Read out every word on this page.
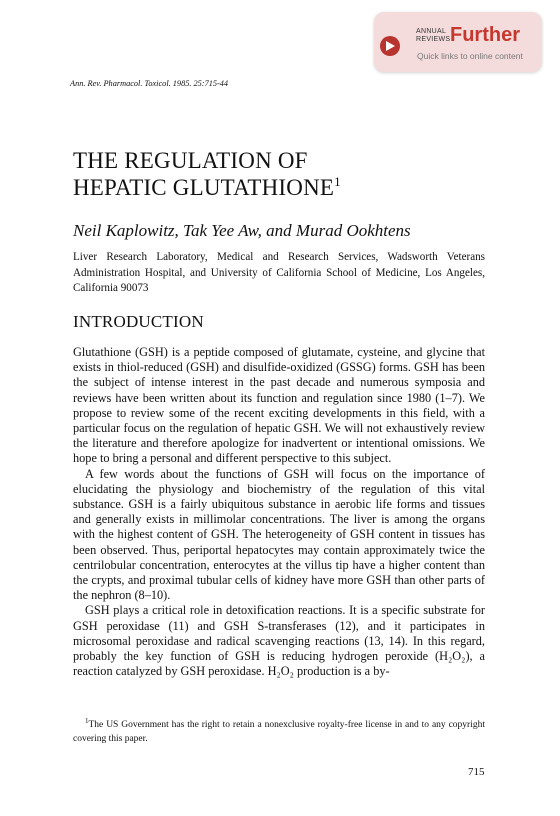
ANNUAL
REVIEWS Further
Quick links to online content
Ann. Rev. Pharmacol. Toxicol. 1985. 25:715-44
THE REGULATION OF
HEPATIC GLUTATHIONE$^1$
Neil Kaplowitz, Tak Yee Aw, and Murad Ookhtens
Liver Research Laboratory, Medical and Research Services, Wadsworth Veterans Administration Hospital, and University of California School of Medicine, Los Angeles, California 90073
INTRODUCTION

Glutathione (GSH) is a peptide composed of glutamate, cysteine, and glycine that exists in thiol-reduced (GSH) and disulfide-oxidized (GSSG) forms. GSH has been the subject of intense interest in the past decade and numerous symposia and reviews have been written about its function and regulation since 1980 (1–7). We propose to review some of the recent exciting developments in this field, with a particular focus on the regulation of hepatic GSH. We will not exhaustively review the literature and therefore apologize for inadvertent or intentional omissions. We hope to bring a personal and different perspective to this subject.

A few words about the functions of GSH will focus on the importance of elucidating the physiology and biochemistry of the regulation of this vital substance. GSH is a fairly ubiquitous substance in aerobic life forms and tissues and generally exists in millimolar concentrations. The liver is among the organs with the highest content of GSH. The heterogeneity of GSH content in tissues has been observed. Thus, periportal hepatocytes may contain approximately twice the centrilobular concentration, enterocytes at the villus tip have a higher content than the crypts, and proximal tubular cells of kidney have more GSH than other parts of the nephron (8–10).

GSH plays a critical role in detoxification reactions. It is a specific substrate for GSH peroxidase (11) and GSH S-transferases (12), and it participates in microsomal peroxidase and radical scavenging reactions (13, 14). In this regard, probably the key function of GSH is reducing hydrogen peroxide (H₂O₂), a reaction catalyzed by GSH peroxidase. H₂O₂ production is a by-

$^1$The US Government has the right to retain a nonexclusive royalty-free license in and to any copyright covering this paper.

715
